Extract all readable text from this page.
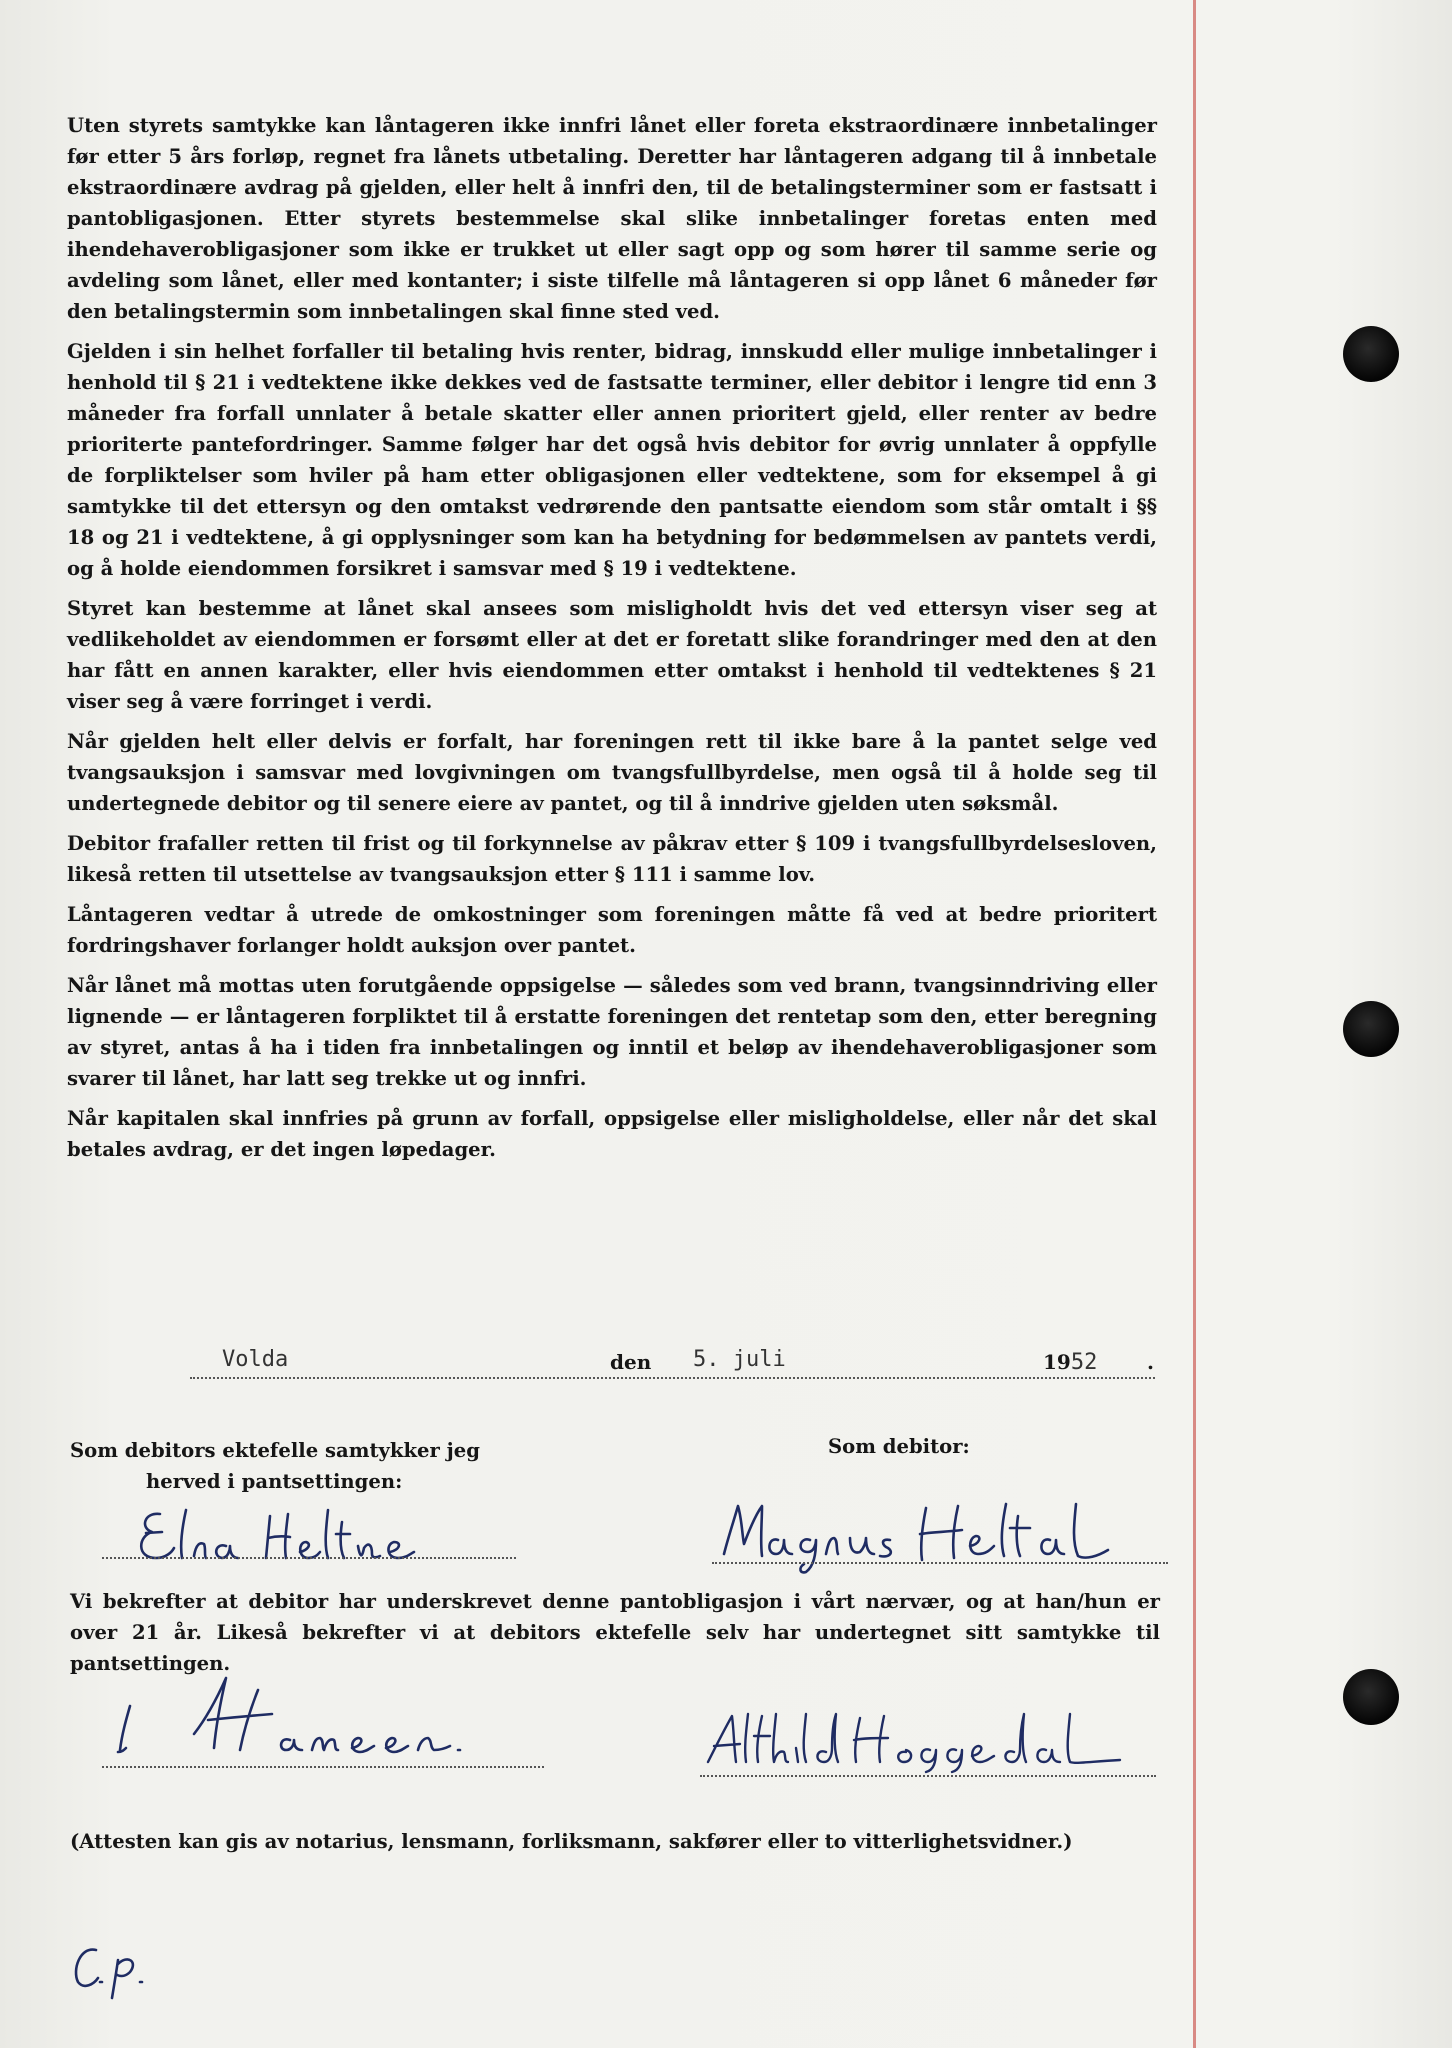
Uten styrets samtykke kan låntageren ikke innfri lånet eller foreta ekstraordinære innbetalinger før etter 5 års forløp, regnet fra lånets utbetaling. Deretter har låntageren adgang til å innbetale ekstraordinære avdrag på gjelden, eller helt å innfri den, til de betalingsterminer som er fastsatt i pantobligasjonen. Etter styrets bestemmelse skal slike innbetalinger foretas enten med ihendehaverobligasjoner som ikke er trukket ut eller sagt opp og som hører til samme serie og avdeling som lånet, eller med kontanter; i siste tilfelle må låntageren si opp lånet 6 måneder før den betalingstermin som innbetalingen skal finne sted ved.

Gjelden i sin helhet forfaller til betaling hvis renter, bidrag, innskudd eller mulige innbetalinger i henhold til § 21 i vedtektene ikke dekkes ved de fastsatte terminer, eller debitor i lengre tid enn 3 måneder fra forfall unnlater å betale skatter eller annen prioritert gjeld, eller renter av bedre prioriterte pantefordringer. Samme følger har det også hvis debitor for øvrig unnlater å oppfylle de forpliktelser som hviler på ham etter obligasjonen eller vedtektene, som for eksempel å gi samtykke til det ettersyn og den omtakst vedrørende den pantsatte eiendom som står omtalt i §§ 18 og 21 i vedtektene, å gi opplysninger som kan ha betydning for bedømmelsen av pantets verdi, og å holde eiendommen forsikret i samsvar med § 19 i vedtektene.

Styret kan bestemme at lånet skal ansees som misligholdt hvis det ved ettersyn viser seg at vedlikeholdet av eiendommen er forsømt eller at det er foretatt slike forandringer med den at den har fått en annen karakter, eller hvis eiendommen etter omtakst i henhold til vedtektenes § 21 viser seg å være forringet i verdi.

Når gjelden helt eller delvis er forfalt, har foreningen rett til ikke bare å la pantet selge ved tvangsauksjon i samsvar med lovgivningen om tvangsfullbyrdelse, men også til å holde seg til undertegnede debitor og til senere eiere av pantet, og til å inndrive gjelden uten søksmål.

Debitor frafaller retten til frist og til forkynnelse av påkrav etter § 109 i tvangsfullbyrdelsesloven, likeså retten til utsettelse av tvangsauksjon etter § 111 i samme lov.

Låntageren vedtar å utrede de omkostninger som foreningen måtte få ved at bedre prioritert fordringshaver forlanger holdt auksjon over pantet.

Når lånet må mottas uten forutgående oppsigelse — således som ved brann, tvangsinndriving eller lignende — er låntageren forpliktet til å erstatte foreningen det rentetap som den, etter beregning av styret, antas å ha i tiden fra innbetalingen og inntil et beløp av ihendehaverobligasjoner som svarer til lånet, har latt seg trekke ut og innfri.

Når kapitalen skal innfries på grunn av forfall, oppsigelse eller misligholdelse, eller når det skal betales avdrag, er det ingen løpedager.

Volda	den 5. juli	1952 .
Som debitors ektefelle samtykker jeg
herved i pantsettingen:
Som debitor:
Vi bekrefter at debitor har underskrevet denne pantobligasjon i vårt nærvær, og at han/hun er over 21 år. Likeså bekrefter vi at debitors ektefelle selv har undertegnet sitt samtykke til pantsettingen.
(Attesten kan gis av notarius, lensmann, forliksmann, sakfører eller to vitterlighetsvidner.)
